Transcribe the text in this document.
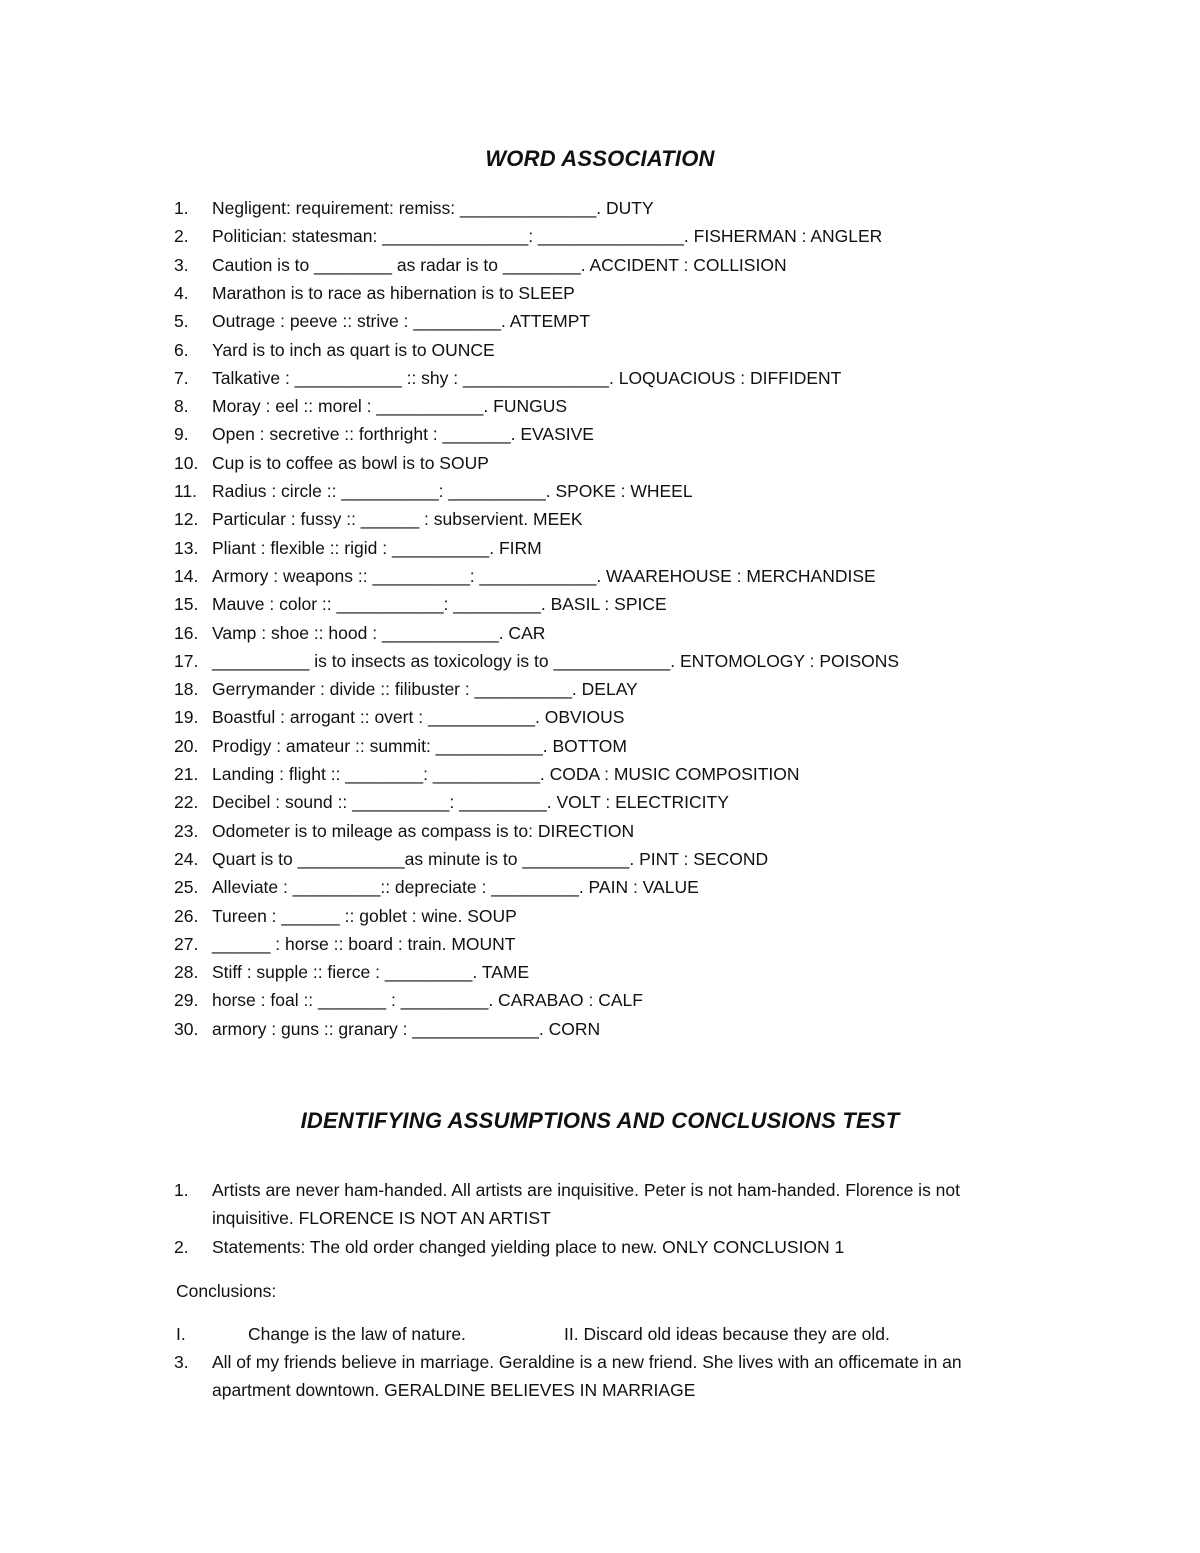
WORD ASSOCIATION
1. Negligent: requirement: remiss: ______________. DUTY
2. Politician: statesman: _______________: _______________. FISHERMAN : ANGLER
3. Caution is to ________ as radar is to ________. ACCIDENT : COLLISION
4. Marathon is to race as hibernation is to SLEEP
5. Outrage : peeve :: strive : _________. ATTEMPT
6. Yard is to inch as quart is to OUNCE
7. Talkative : ___________ :: shy : _______________. LOQUACIOUS : DIFFIDENT
8. Moray : eel :: morel : ___________. FUNGUS
9. Open : secretive :: forthright : _______. EVASIVE
10. Cup is to coffee as bowl is to SOUP
11. Radius : circle :: __________: __________. SPOKE : WHEEL
12. Particular : fussy :: ______ : subservient. MEEK
13. Pliant : flexible :: rigid : __________. FIRM
14. Armory : weapons :: __________: ____________. WAAREHOUSE : MERCHANDISE
15. Mauve : color :: ___________: _________. BASIL : SPICE
16. Vamp : shoe :: hood : ____________. CAR
17. __________ is to insects as toxicology is to ____________. ENTOMOLOGY : POISONS
18. Gerrymander : divide :: filibuster : __________. DELAY
19. Boastful : arrogant :: overt : ___________. OBVIOUS
20. Prodigy : amateur :: summit: ___________. BOTTOM
21. Landing : flight :: ________: ___________. CODA : MUSIC COMPOSITION
22. Decibel : sound :: __________: _________. VOLT : ELECTRICITY
23. Odometer is to mileage as compass is to: DIRECTION
24. Quart is to ___________as minute is to ___________. PINT : SECOND
25. Alleviate : _________:: depreciate : _________. PAIN : VALUE
26. Tureen : ______ :: goblet : wine. SOUP
27. ______ : horse :: board : train. MOUNT
28. Stiff : supple :: fierce : _________. TAME
29. horse : foal :: _______ : _________. CARABAO : CALF
30. armory : guns :: granary : _____________. CORN
IDENTIFYING ASSUMPTIONS AND CONCLUSIONS TEST
1. Artists are never ham-handed. All artists are inquisitive. Peter is not ham-handed. Florence is not
inquisitive. FLORENCE IS NOT AN ARTIST
2. Statements: The old order changed yielding place to new. ONLY CONCLUSION 1
Conclusions:
I.	Change is the law of nature.	II. Discard old ideas because they are old.
3. All of my friends believe in marriage. Geraldine is a new friend. She lives with an officemate in an
apartment downtown. GERALDINE BELIEVES IN MARRIAGE
